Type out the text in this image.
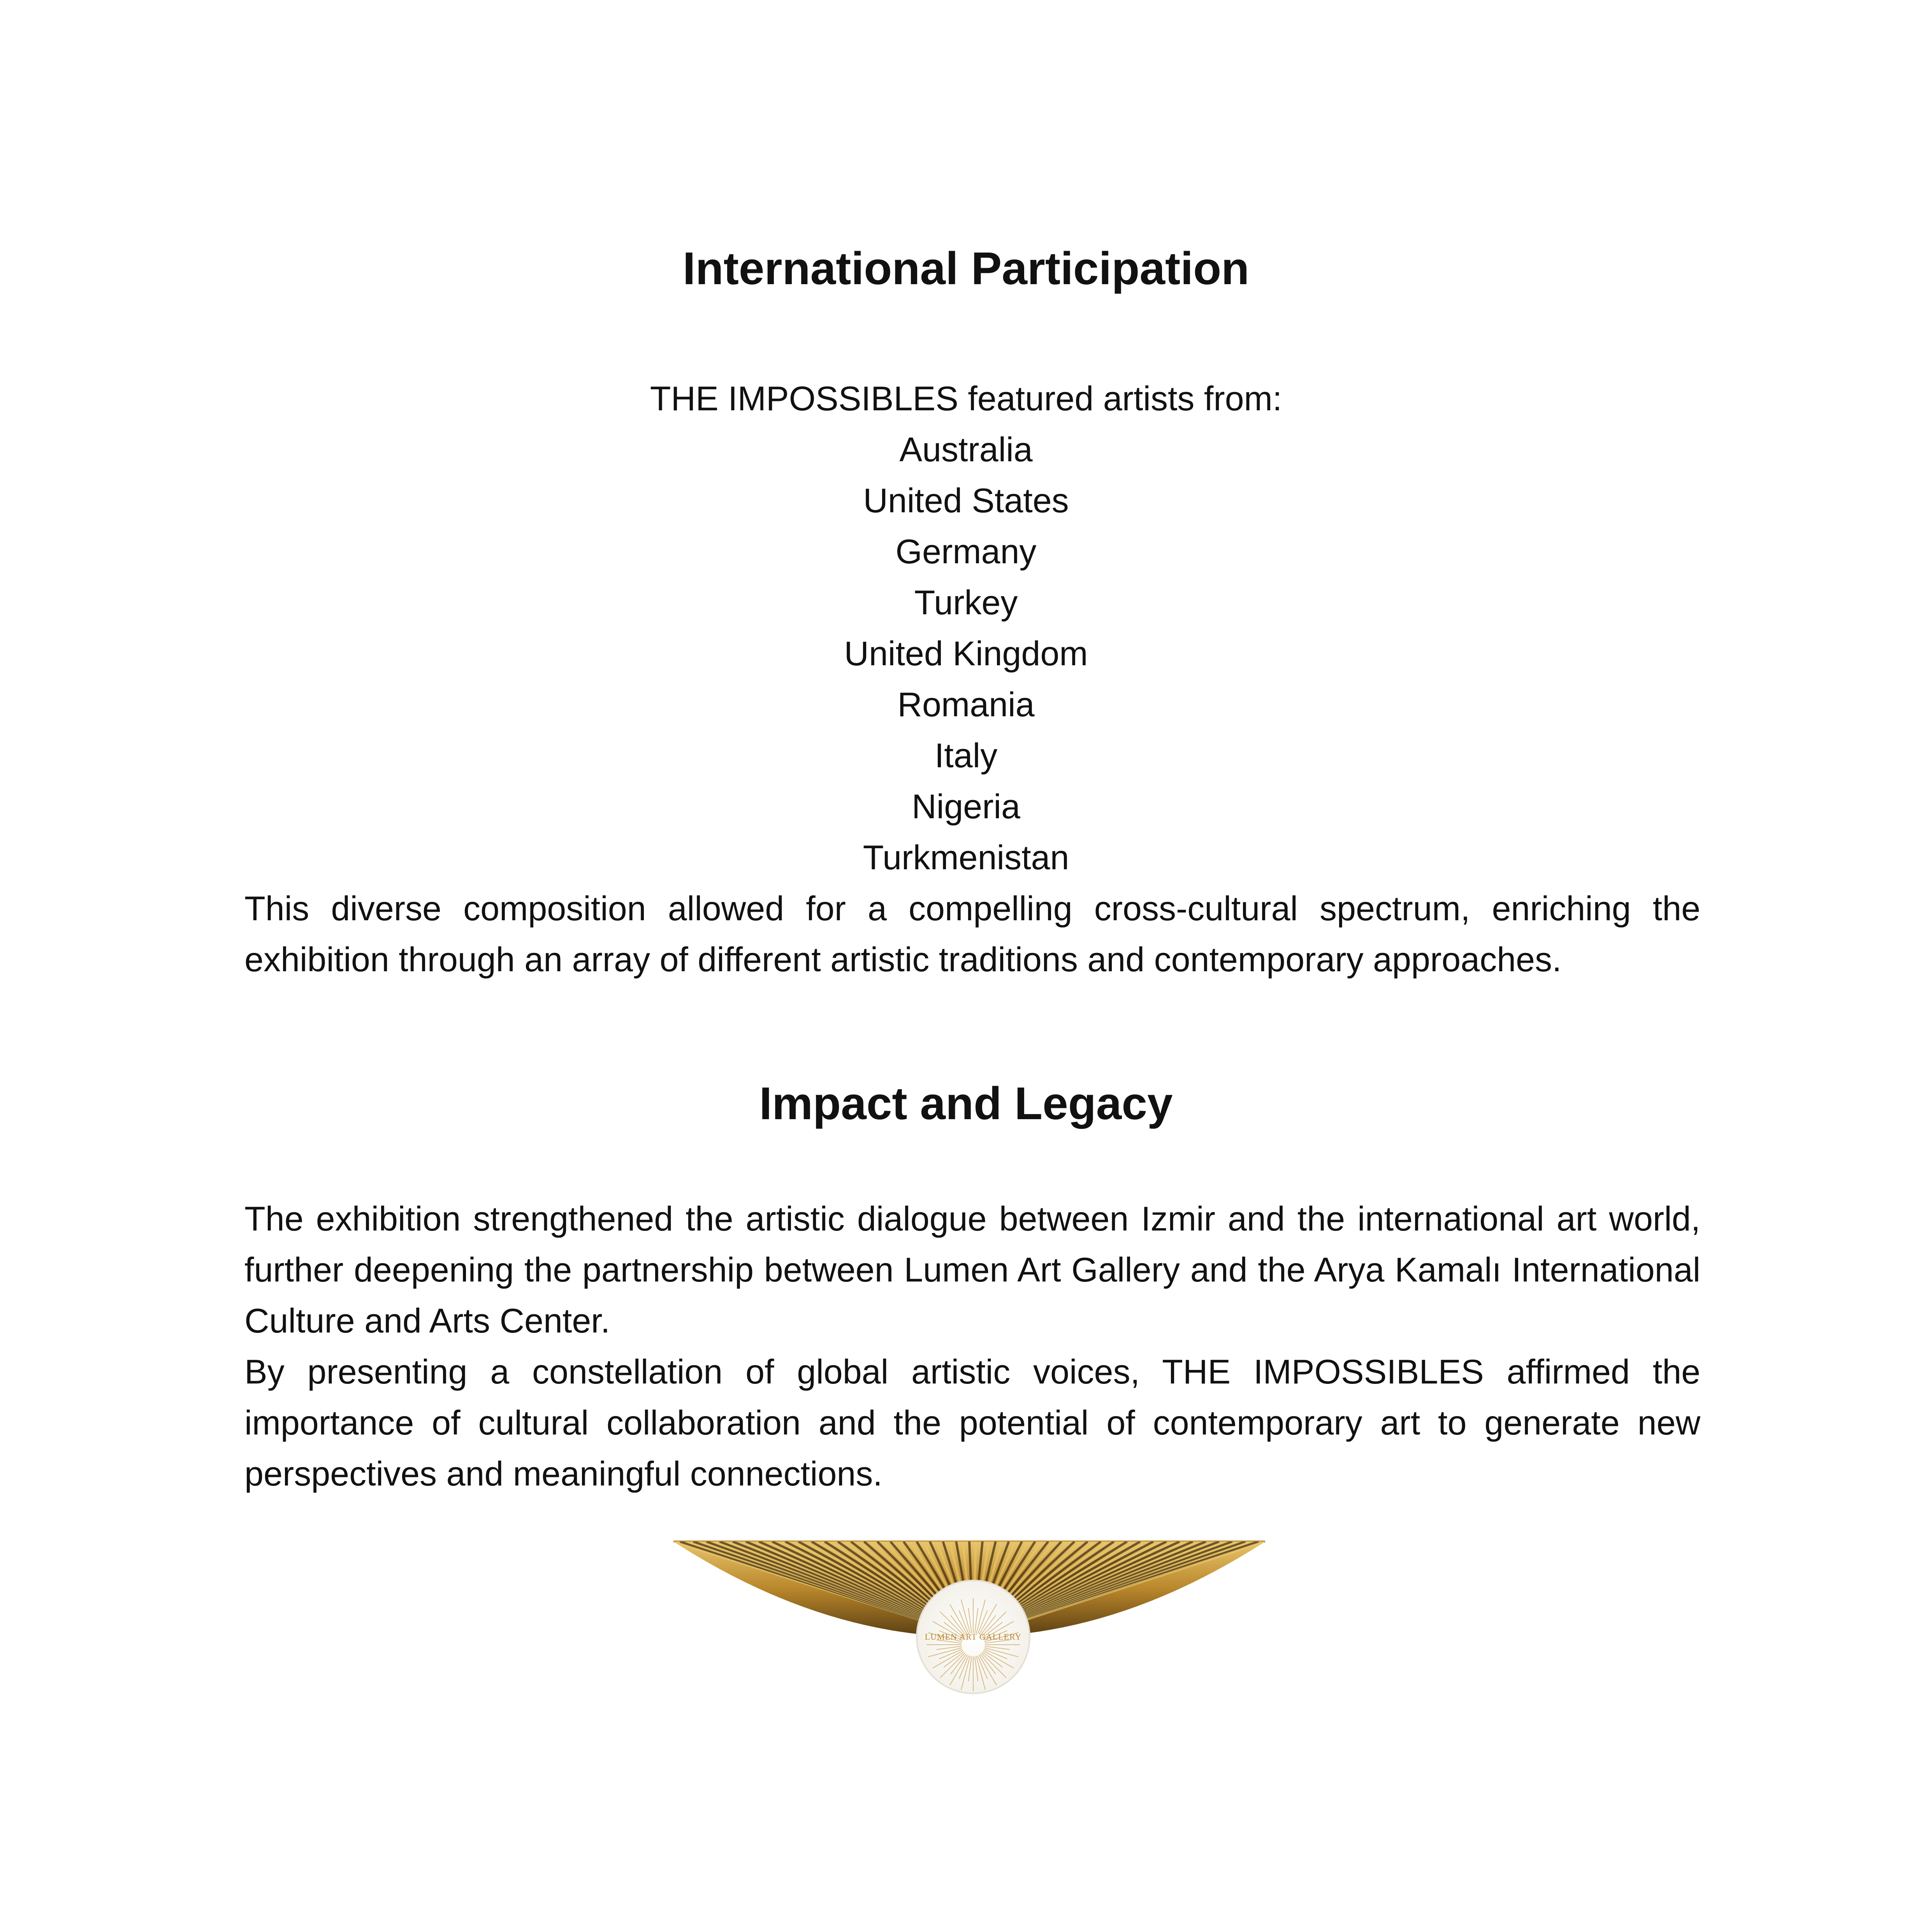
International Participation
THE IMPOSSIBLES featured artists from:
Australia
United States
Germany
Turkey
United Kingdom
Romania
Italy
Nigeria
Turkmenistan

This diverse composition allowed for a compelling cross-cultural spectrum, enriching the exhibition through an array of different artistic traditions and contemporary approaches.

Impact and Legacy

The exhibition strengthened the artistic dialogue between Izmir and the international art world, further deepening the partnership between Lumen Art Gallery and the Arya Kamalı International Culture and Arts Center.

By presenting a constellation of global artistic voices, THE IMPOSSIBLES affirmed the importance of cultural collaboration and the potential of contemporary art to generate new perspectives and meaningful connections.

LUMEN ART GALLERY
